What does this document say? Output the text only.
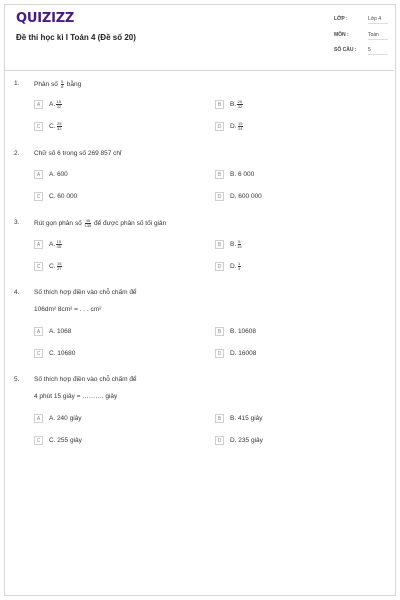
QUIZIZZ
Đề thi học kì I Toán 4 (Đề số 20)
LỚP :	Lớp 4
MÔN :	Toán
SỐ CÂU : 5
1. Phân số $\frac{5}{8}$ bằng
A	A. $\frac{15}{32}$	B	B. $\frac{20}{32}$
C	C. $\frac{25}{32}$	D	D. $\frac{15}{24}$
2. Chữ số 6 trong số 269 857 chỉ
A	A. 600	B	B. 6 000
C	C. 60 000	D	D. 600 000
3. Rút gọn phân số $\frac{45}{135}$ để được phân số tối giản
A	A. $\frac{15}{45}$	B	B. $\frac{5}{15}$
C	C. $\frac{15}{27}$	D	D. $\frac{1}{3}$
4. Số thích hợp điền vào chỗ chấm để
106dm² 8cm² = . . . cm²
A	A. 1068	B	B. 10608
C	C. 10680	D	D. 16008
5. Số thích hợp điền vào chỗ chấm để
4 phút 15 giây = ………. giây
A	A. 240 giây	B	B. 415 giây
C	C. 255 giây	D	D. 235 giây
